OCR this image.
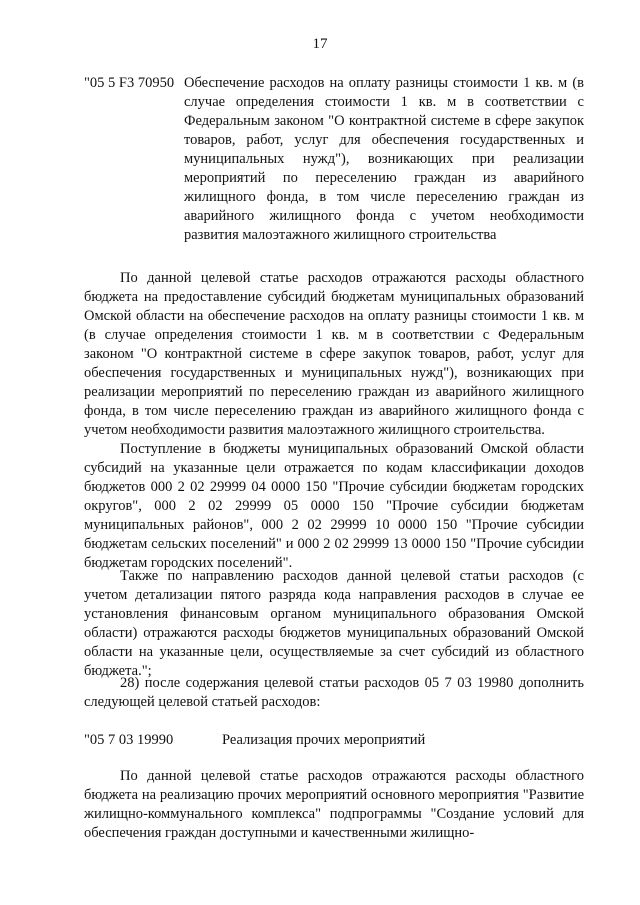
17
"05 5 F3 70950 Обеспечение расходов на оплату разницы стоимости 1 кв. м (в случае определения стоимости 1 кв. м в соответствии с Федеральным законом "О контрактной системе в сфере закупок товаров, работ, услуг для обеспечения государственных и муниципальных нужд"), возникающих при реализации мероприятий по переселению граждан из аварийного жилищного фонда, в том числе переселению граждан из аварийного жилищного фонда с учетом необходимости развития малоэтажного жилищного строительства
По данной целевой статье расходов отражаются расходы областного бюджета на предоставление субсидий бюджетам муниципальных образований Омской области на обеспечение расходов на оплату разницы стоимости 1 кв. м (в случае определения стоимости 1 кв. м в соответствии с Федеральным законом "О контрактной системе в сфере закупок товаров, работ, услуг для обеспечения государственных и муниципальных нужд"), возникающих при реализации мероприятий по переселению граждан из аварийного жилищного фонда, в том числе переселению граждан из аварийного жилищного фонда с учетом необходимости развития малоэтажного жилищного строительства.
Поступление в бюджеты муниципальных образований Омской области субсидий на указанные цели отражается по кодам классификации доходов бюджетов 000 2 02 29999 04 0000 150 "Прочие субсидии бюджетам городских округов", 000 2 02 29999 05 0000 150 "Прочие субсидии бюджетам муниципальных районов", 000 2 02 29999 10 0000 150 "Прочие субсидии бюджетам сельских поселений" и 000 2 02 29999 13 0000 150 "Прочие субсидии бюджетам городских поселений".
Также по направлению расходов данной целевой статьи расходов (с учетом детализации пятого разряда кода направления расходов в случае ее установления финансовым органом муниципального образования Омской области) отражаются расходы бюджетов муниципальных образований Омской области на указанные цели, осуществляемые за счет субсидий из областного бюджета.";
28) после содержания целевой статьи расходов 05 7 03 19980 дополнить следующей целевой статьей расходов:
"05 7 03 19990	Реализация прочих мероприятий
По данной целевой статье расходов отражаются расходы областного бюджета на реализацию прочих мероприятий основного мероприятия "Развитие жилищно-коммунального комплекса" подпрограммы "Создание условий для обеспечения граждан доступными и качественными жилищно-
